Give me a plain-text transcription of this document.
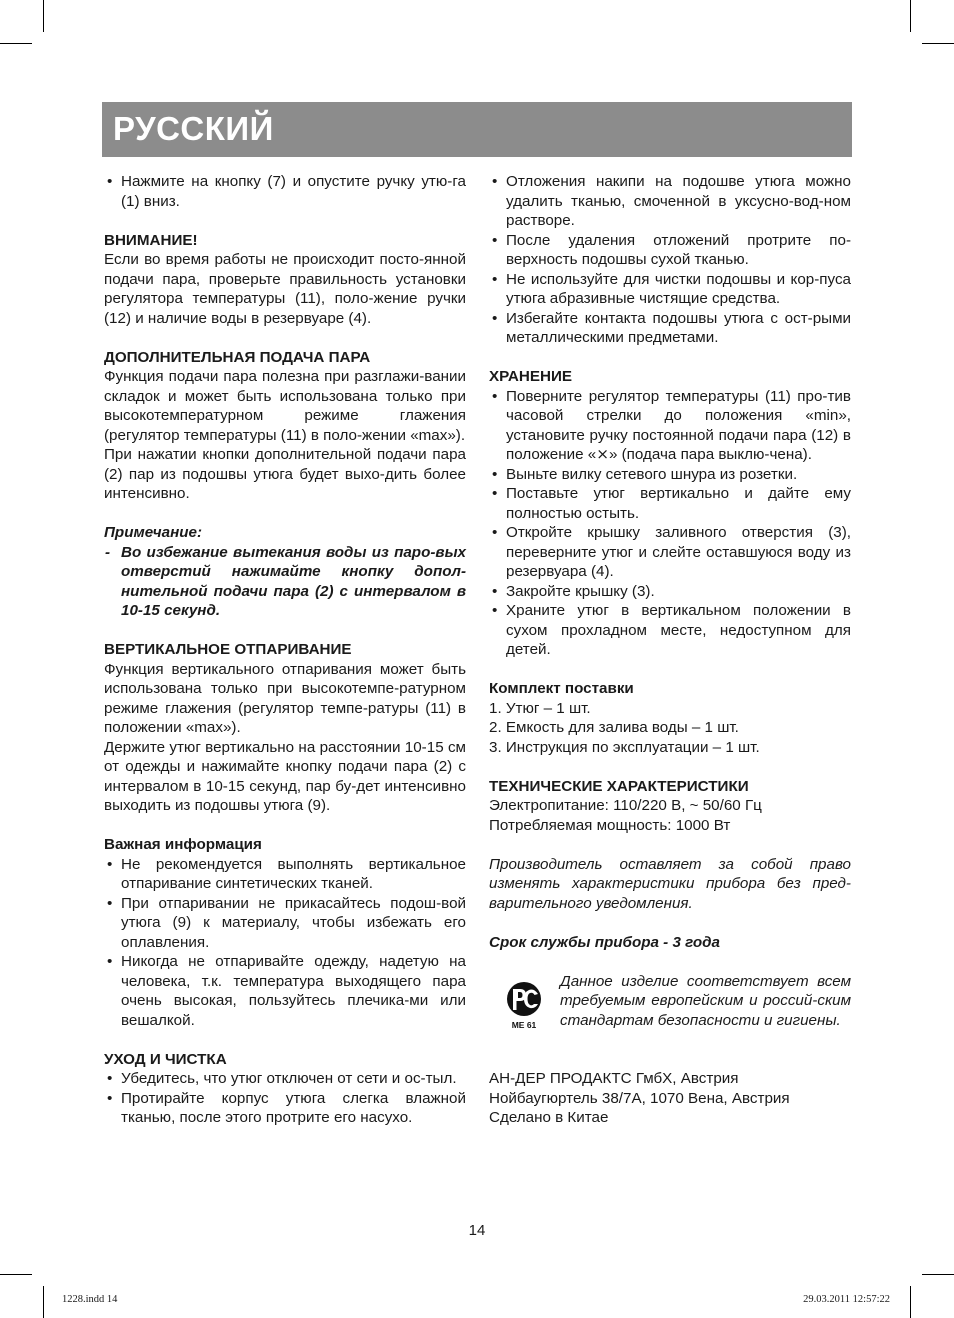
РУССКИЙ
• Нажмите на кнопку (7) и опустите ручку утю-га (1) вниз.

ВНИМАНИЕ!

Если во время работы не происходит посто-янной подачи пара, проверьте правильность установки регулятора температуры (11), поло-жение ручки (12) и наличие воды в резервуаре (4).

ДОПОЛНИТЕЛЬНАЯ ПОДАЧА ПАРА

Функция подачи пара полезна при разглажи-вании складок и может быть использована только при высокотемпературном режиме глажения (регулятор температуры (11) в поло-жении «max»).

При нажатии кнопки дополнительной подачи пара (2) пар из подошвы утюга будет выхо-дить более интенсивно.

Примечание:

- Во избежание вытекания воды из паро-вых отверстий нажимайте кнопку допол-нительной подачи пара (2) с интервалом в 10-15 секунд.

ВЕРТИКАЛЬНОЕ ОТПАРИВАНИЕ

Функция вертикального отпаривания может быть использована только при высокотемпе-ратурном режиме глажения (регулятор темпе-ратуры (11) в положении «max»).

Держите утюг вертикально на расстоянии 10-15 см от одежды и нажимайте кнопку подачи пара (2) с интервалом в 10-15 секунд, пар бу-дет интенсивно выходить из подошвы утюга (9).

Важная информация

• Не рекомендуется выполнять вертикальное отпаривание синтетических тканей.
• При отпаривании не прикасайтесь подош-вой утюга (9) к материалу, чтобы избежать его оплавления.
• Никогда не отпаривайте одежду, надетую на человека, т.к. температура выходящего пара очень высокая, пользуйтесь плечика-ми или вешалкой.

УХОД И ЧИСТКА

• Убедитесь, что утюг отключен от сети и ос-тыл.
• Протирайте корпус утюга слегка влажной тканью, после этого протрите его насухо.
• Отложения накипи на подошве утюга можно удалить тканью, смоченной в уксусно-вод-ном растворе.
• После удаления отложений протрите по-верхность подошвы сухой тканью.
• Не используйте для чистки подошвы и кор-пуса утюга абразивные чистящие средства.
• Избегайте контакта подошвы утюга с ост-рыми металлическими предметами.

ХРАНЕНИЕ

• Поверните регулятор температуры (11) про-тив часовой стрелки до положения «min», установите ручку постоянной подачи пара (12) в положение «⨯» (подача пара выклю-чена).
• Выньте вилку сетевого шнура из розетки.
• Поставьте утюг вертикально и дайте ему полностью остыть.
• Откройте крышку заливного отверстия (3), переверните утюг и слейте оставшуюся воду из резервуара (4).
• Закройте крышку (3).
• Храните утюг в вертикальном положении в сухом прохладном месте, недоступном для детей.

Комплект поставки

1. Утюг – 1 шт.
2. Емкость для залива воды – 1 шт.
3. Инструкция по эксплуатации – 1 шт.

ТЕХНИЧЕСКИЕ ХАРАКТЕРИСТИКИ

Электропитание: 110/220 В, ~ 50/60 Гц

Потребляемая мощность: 1000 Вт

Производитель оставляет за собой право изменять характеристики прибора без пред-варительного уведомления.

Срок службы прибора - 3 года

ME 61

Данное изделие соответствует всем требуемым европейским и россий-ским стандартам безопасности и гигиены.

АН-ДЕР ПРОДАКТС ГмбХ, Австрия

Нойбаугюртель 38/7А, 1070 Вена, Австрия

Сделано в Китае

14
1228.indd 14	29.03.2011 12:57:22
